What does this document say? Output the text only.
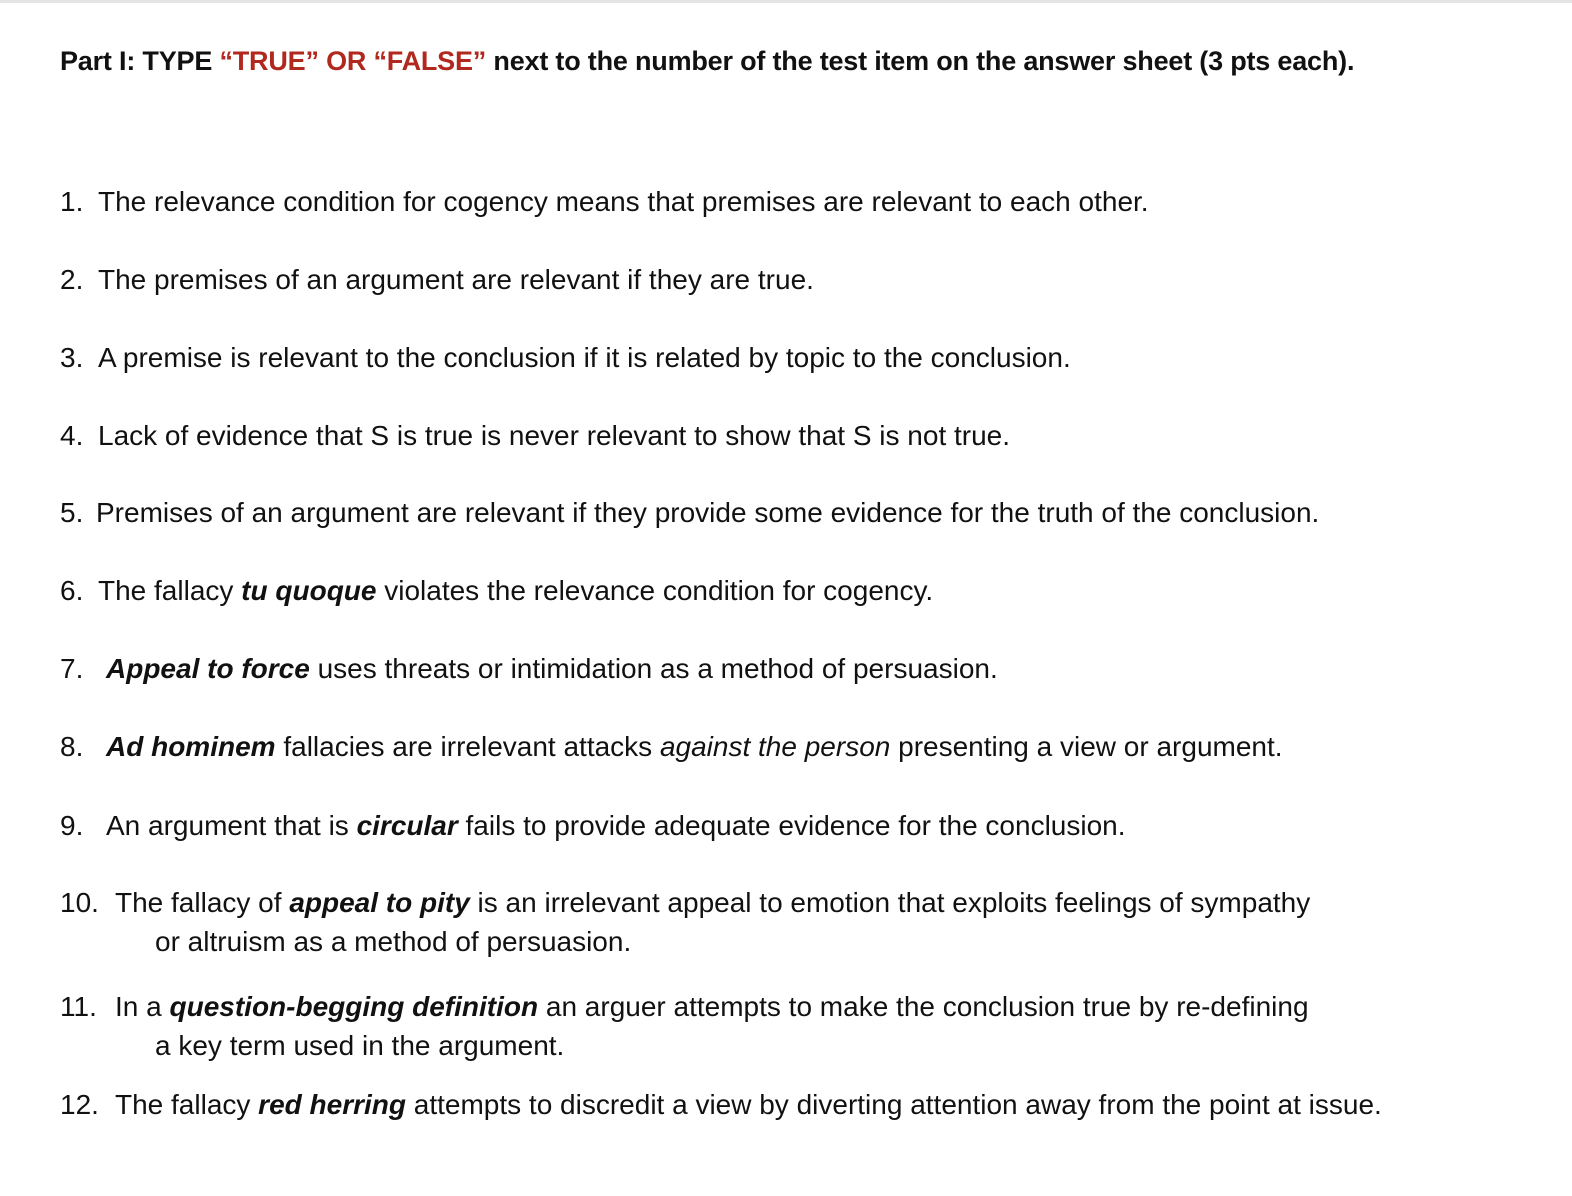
Part I: TYPE “TRUE” OR “FALSE” next to the number of the test item on the answer sheet (3 pts each).
1. The relevance condition for cogency means that premises are relevant to each other.
2. The premises of an argument are relevant if they are true.
3. A premise is relevant to the conclusion if it is related by topic to the conclusion.
4. Lack of evidence that S is true is never relevant to show that S is not true.
5. Premises of an argument are relevant if they provide some evidence for the truth of the conclusion.
6. The fallacy tu quoque violates the relevance condition for cogency.
7. Appeal to force uses threats or intimidation as a method of persuasion.
8. Ad hominem fallacies are irrelevant attacks against the person presenting a view or argument.
9. An argument that is circular fails to provide adequate evidence for the conclusion.
10. The fallacy of appeal to pity is an irrelevant appeal to emotion that exploits feelings of sympathy
or altruism as a method of persuasion.
11. In a question-begging definition an arguer attempts to make the conclusion true by re-defining
a key term used in the argument.
12. The fallacy red herring attempts to discredit a view by diverting attention away from the point at issue.
